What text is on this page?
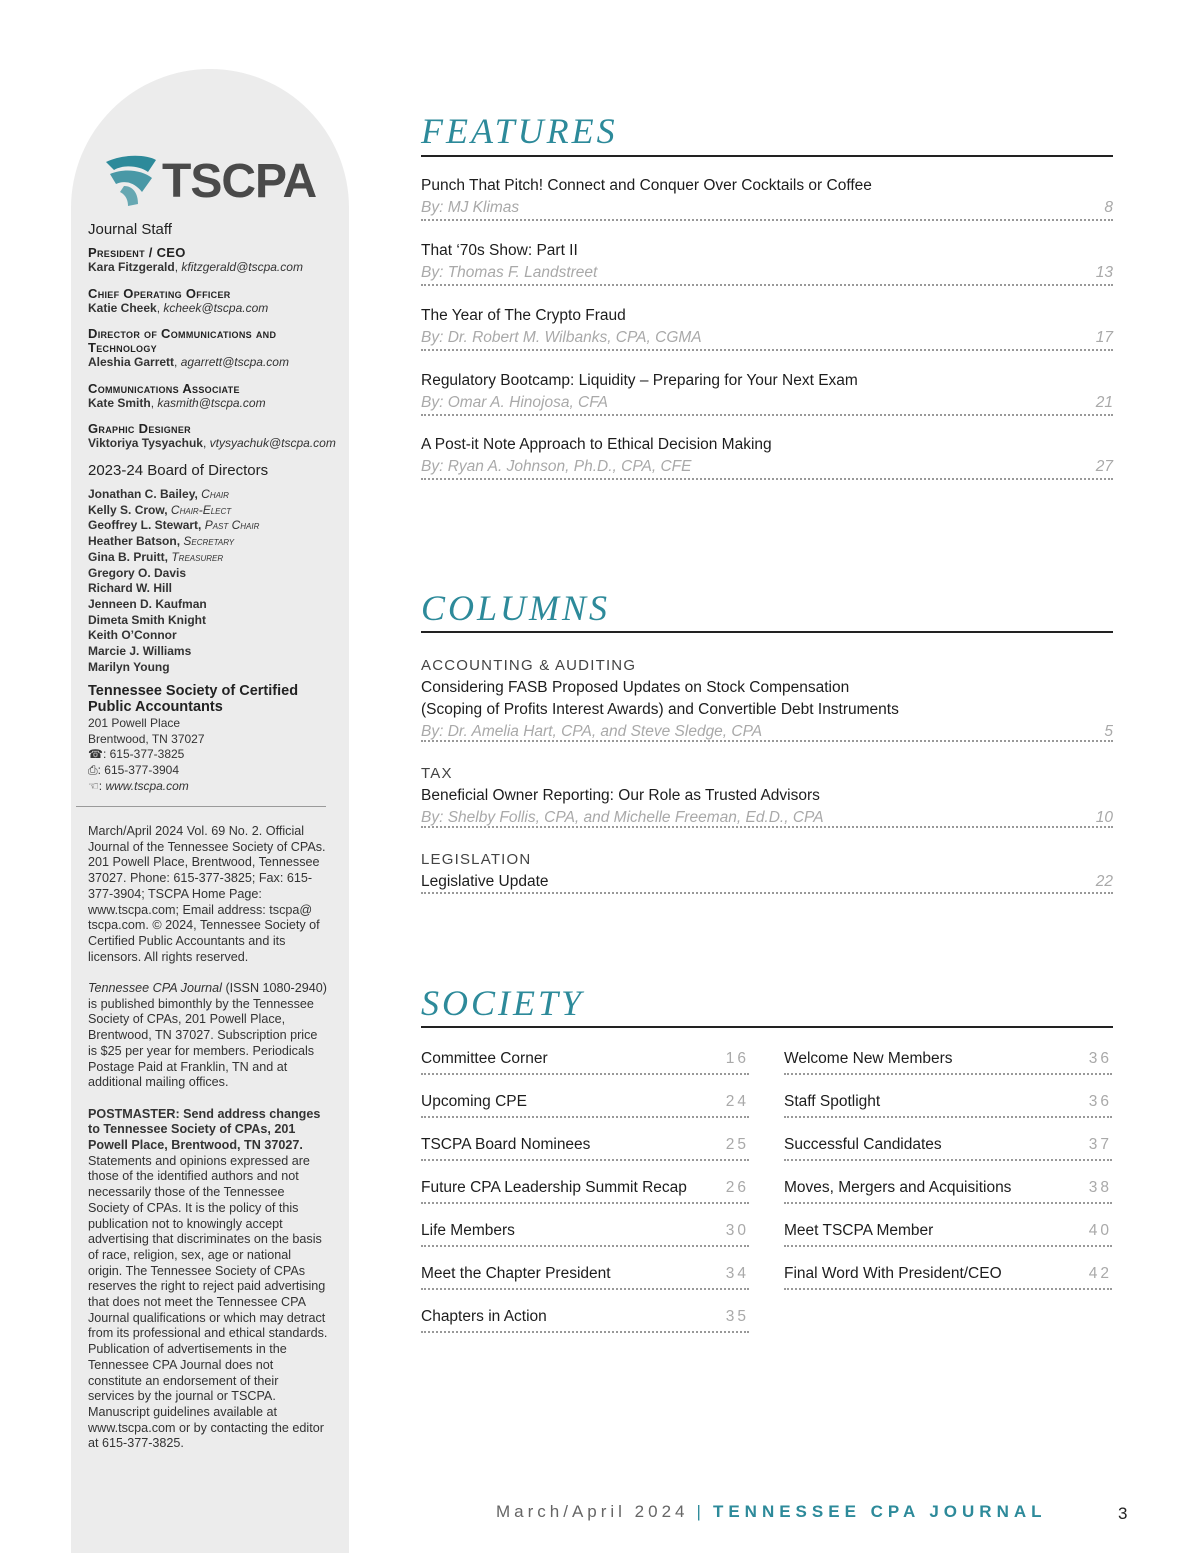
TSCPA
Journal Staff
President / CEO
Kara Fitzgerald, kfitzgerald@tscpa.com
Chief Operating Officer
Katie Cheek, kcheek@tscpa.com
Director of Communications and Technology
Aleshia Garrett, agarrett@tscpa.com
Communications Associate
Kate Smith, kasmith@tscpa.com
Graphic Designer
Viktoriya Tysyachuk, vtysyachuk@tscpa.com
2023-24 Board of Directors
Jonathan C. Bailey, Chair
Kelly S. Crow, Chair-Elect
Geoffrey L. Stewart, Past Chair
Heather Batson, Secretary
Gina B. Pruitt, Treasurer
Gregory O. Davis
Richard W. Hill
Jenneen D. Kaufman
Dimeta Smith Knight
Keith O’Connor
Marcie J. Williams
Marilyn Young
Tennessee Society of Certified Public Accountants
201 Powell Place
Brentwood, TN 37027
☎: 615-377-3825
⎙: 615-377-3904
☜: www.tscpa.com

March/April 2024 Vol. 69 No. 2. Official Journal of the Tennessee Society of CPAs. 201 Powell Place, Brentwood, Tennessee 37027. Phone: 615-377-3825; Fax: 615-377-3904; TSCPA Home Page: www.tscpa.com; Email address: tscpa@ tscpa.com. © 2024, Tennessee Society of Certified Public Accountants and its licensors. All rights reserved.

Tennessee CPA Journal (ISSN 1080-2940) is published bimonthly by the Tennessee Society of CPAs, 201 Powell Place, Brentwood, TN 37027. Subscription price is $25 per year for members. Periodicals Postage Paid at Franklin, TN and at additional mailing offices.

POSTMASTER: Send address changes to Tennessee Society of CPAs, 201 Powell Place, Brentwood, TN 37027. Statements and opinions expressed are those of the identified authors and not necessarily those of the Tennessee Society of CPAs. It is the policy of this publication not to knowingly accept advertising that discriminates on the basis of race, religion, sex, age or national origin. The Tennessee Society of CPAs reserves the right to reject paid advertising that does not meet the Tennessee CPA Journal qualifications or which may detract from its professional and ethical standards. Publication of advertisements in the Tennessee CPA Journal does not constitute an endorsement of their services by the journal or TSCPA. Manuscript guidelines available at www.tscpa.com or by contacting the editor at 615-377-3825.

FEATURES
Punch That Pitch! Connect and Conquer Over Cocktails or Coffee
By: MJ Klimas	8
That ‘70s Show: Part II
By: Thomas F. Landstreet	13
The Year of The Crypto Fraud
By: Dr. Robert M. Wilbanks, CPA, CGMA	17
Regulatory Bootcamp: Liquidity – Preparing for Your Next Exam
By: Omar A. Hinojosa, CFA	21
A Post-it Note Approach to Ethical Decision Making
By: Ryan A. Johnson, Ph.D., CPA, CFE	27
COLUMNS
ACCOUNTING & AUDITING
Considering FASB Proposed Updates on Stock Compensation
(Scoping of Profits Interest Awards) and Convertible Debt Instruments
By: Dr. Amelia Hart, CPA, and Steve Sledge, CPA	5
TAX
Beneficial Owner Reporting: Our Role as Trusted Advisors
By: Shelby Follis, CPA, and Michelle Freeman, Ed.D., CPA	10
LEGISLATION
Legislative Update	22
SOCIETY
Committee Corner	16
Upcoming CPE	24
TSCPA Board Nominees	25
Future CPA Leadership Summit Recap	26
Life Members	30
Meet the Chapter President	34
Chapters in Action	35
Welcome New Members	36
Staff Spotlight	36
Successful Candidates	37
Moves, Mergers and Acquisitions	38
Meet TSCPA Member	40
Final Word With President/CEO	42
March/April 2024 | TENNESSEE CPA JOURNAL	3
